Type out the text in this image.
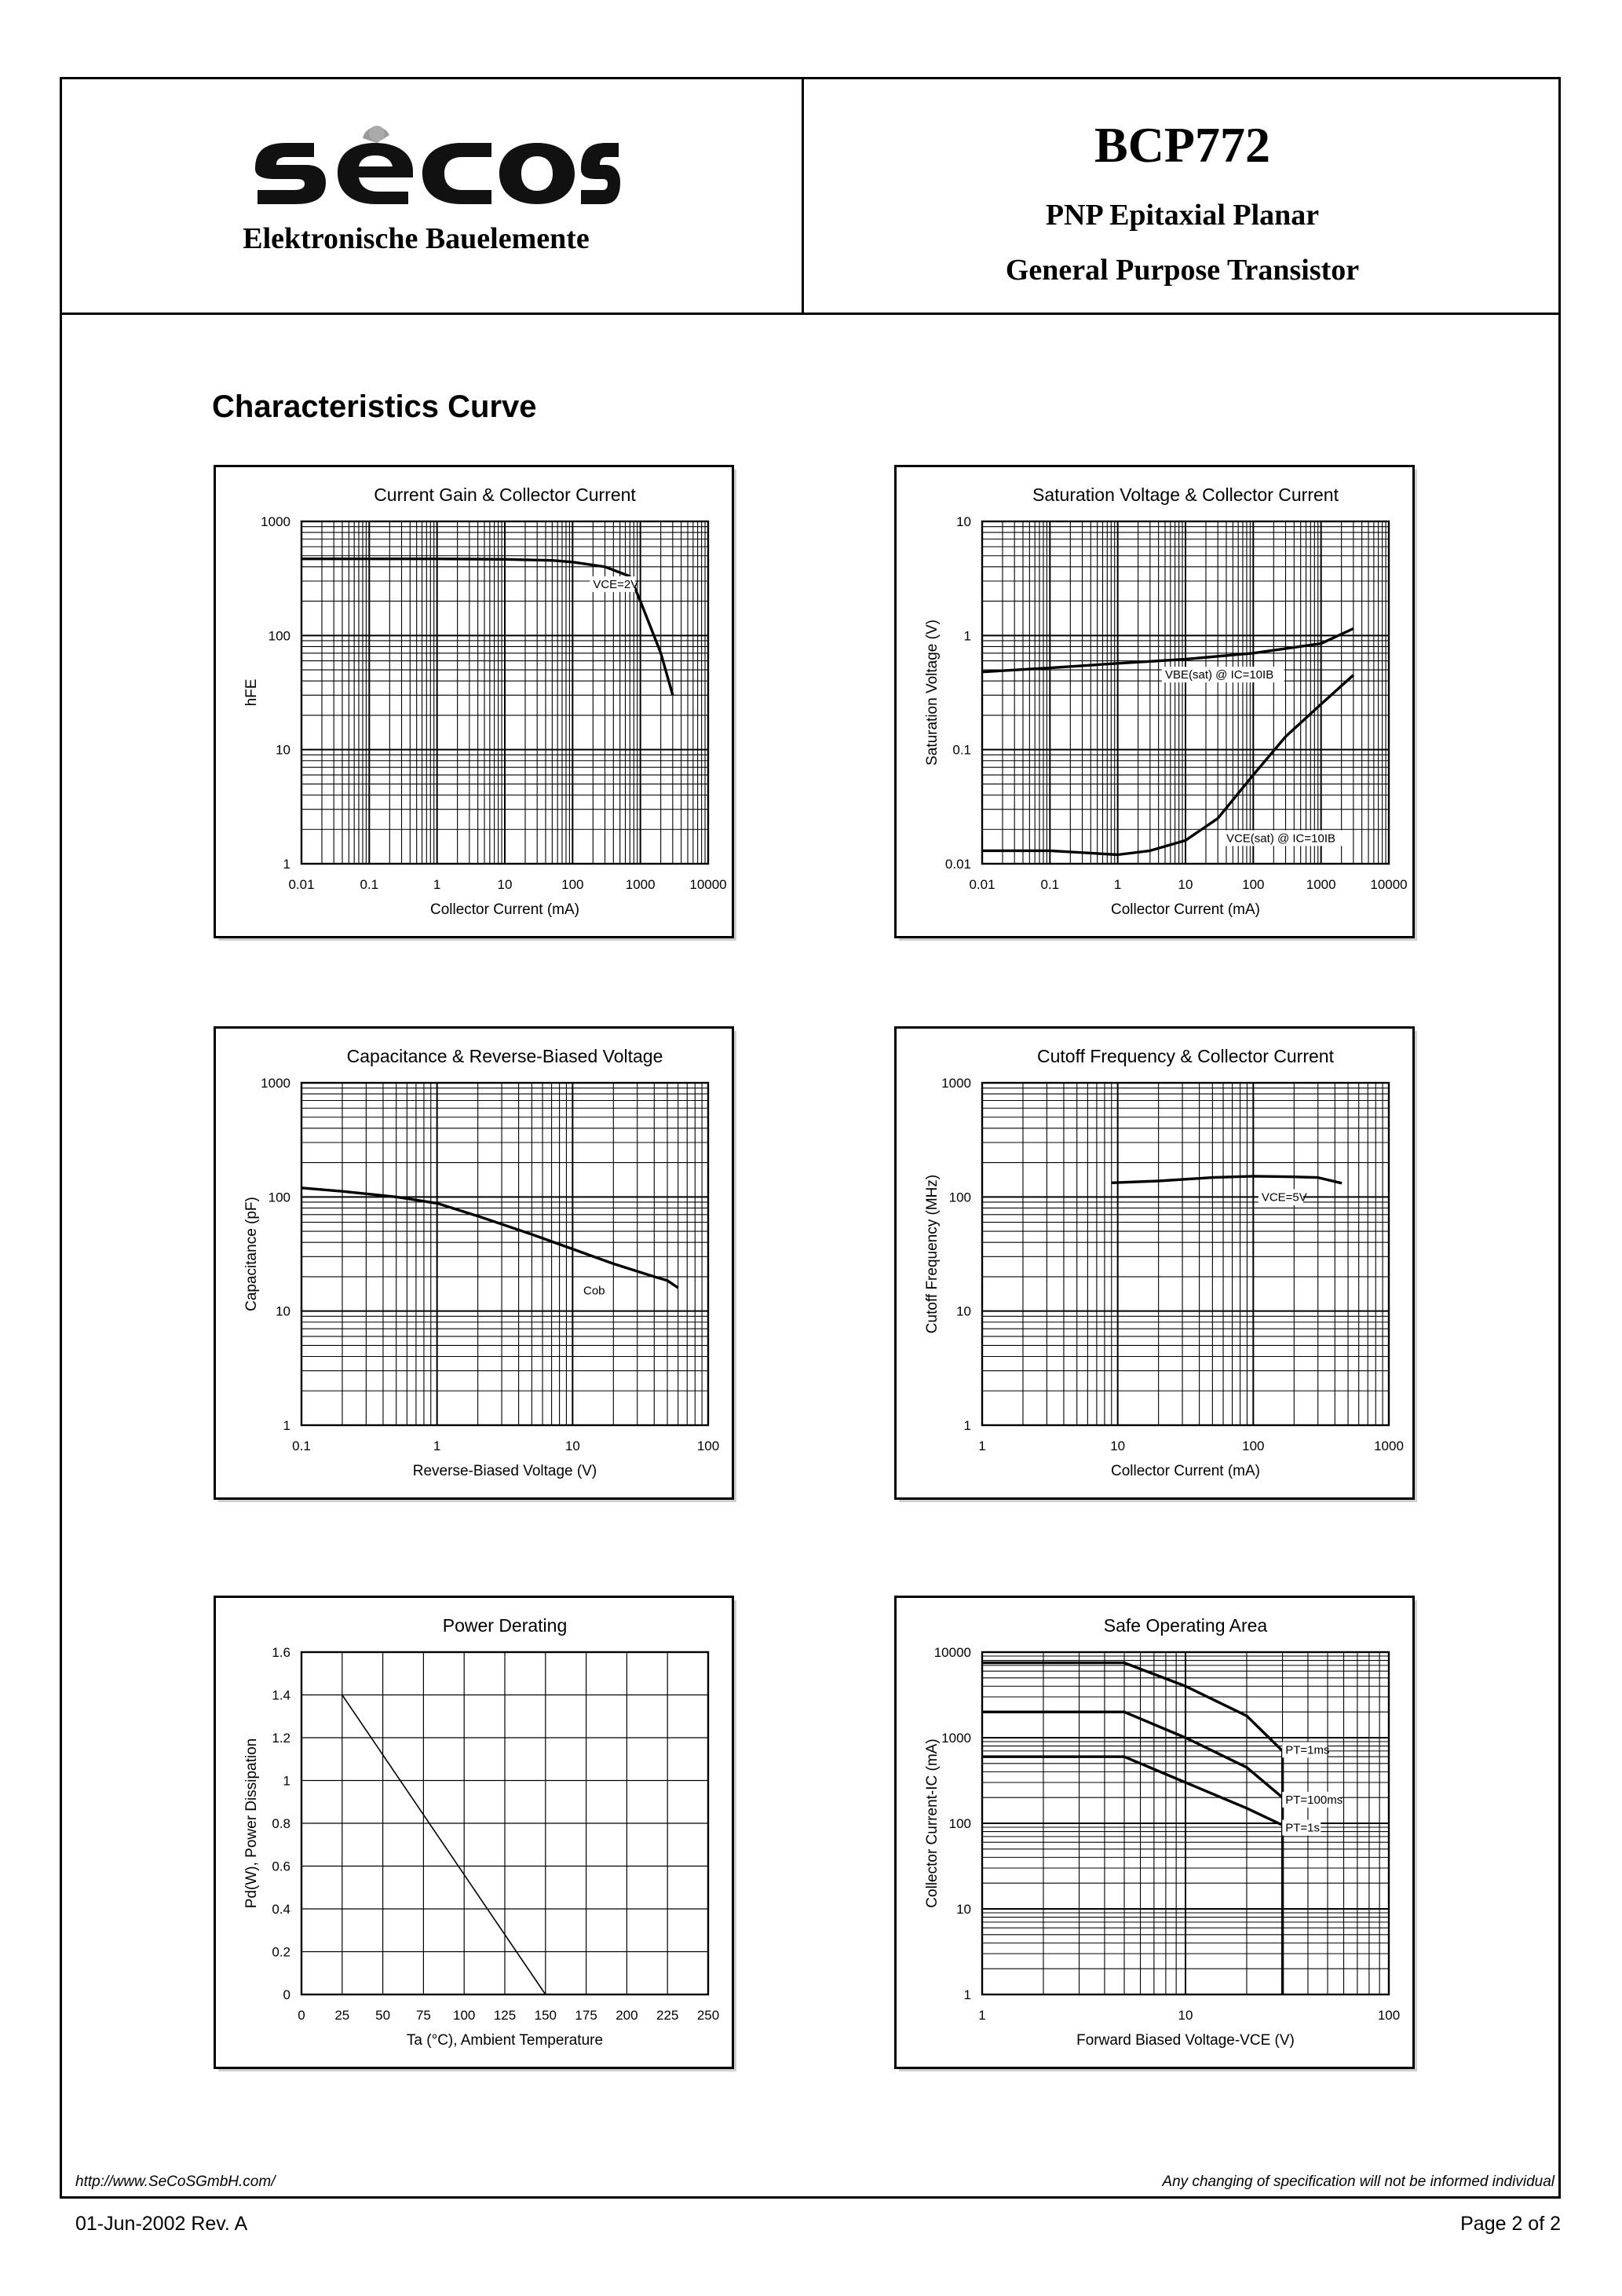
Elektronische Bauelemente
BCP772
PNP Epitaxial Planar
General Purpose Transistor
Characteristics Curve
Current Gain & Collector Current
Collector Current (mA)
hFE
0.01	0.1	1	10	100	1000	10000
1
10
100
1000
VCE=2V
Saturation Voltage & Collector Current
Collector Current (mA)
Saturation Voltage (V)
0.01	0.1	1	10	100	1000	10000
0.01
0.1
1
10
VBE(sat) @ IC=10IB
VCE(sat) @ IC=10IB
Capacitance & Reverse-Biased Voltage
Reverse-Biased Voltage (V)
Capacitance (pF)
0.1	1	10	100
1
10
100
1000
Cob
Cutoff Frequency & Collector Current
Collector Current (mA)
Cutoff Frequency (MHz)
1	10	100	1000
1
10
100
1000
VCE=5V
Power Derating
Ta (°C), Ambient Temperature
Pd(W), Power Dissipation
0 25 50 75 100 125 150 175 200 225 250
0
0.2
0.4
0.6
0.8
1
1.2
1.4
1.6
Safe Operating Area
Forward Biased Voltage-VCE (V)
Collector Current-IC (mA)
1	10	100
1
10
100
1000
10000
PT=1ms
PT=100ms
PT=1s
http://www.SeCoSGmbH.com/	Any changing of specification will not be informed individual
01-Jun-2002 Rev. A	Page 2 of 2
